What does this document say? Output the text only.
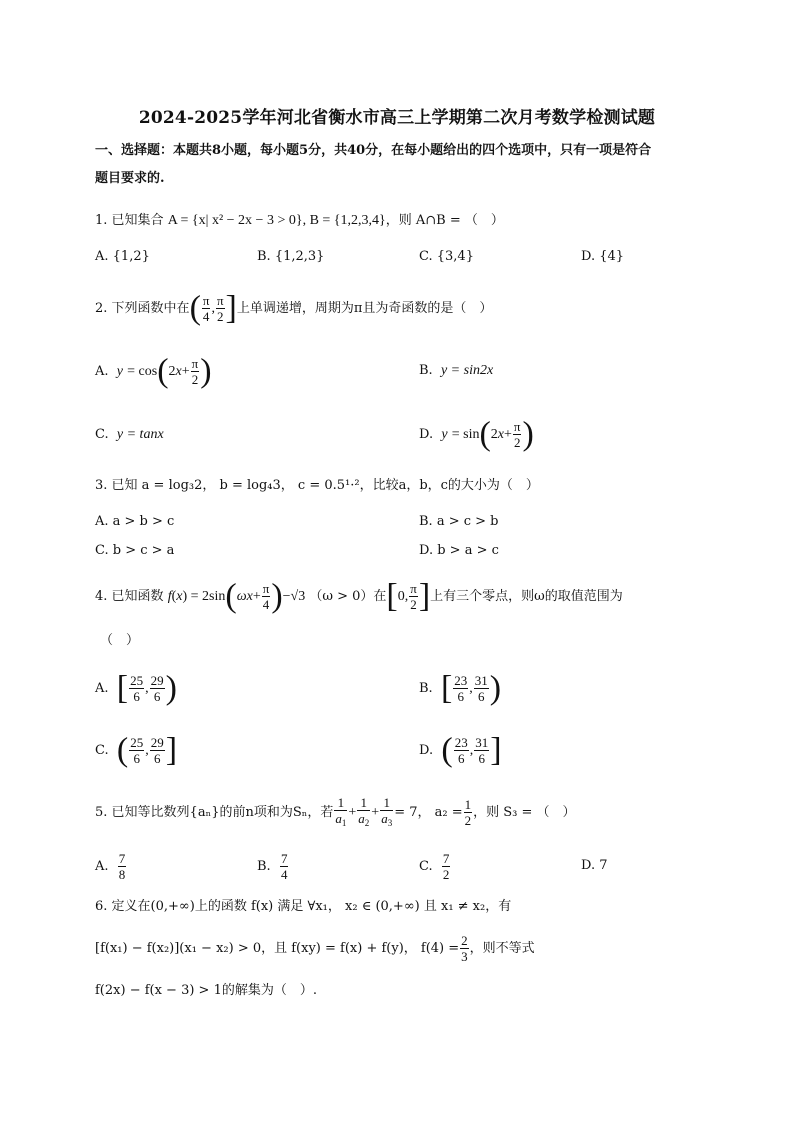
2024-2025学年河北省衡水市高三上学期第二次月考数学检测试题
一、选择题：本题共8小题，每小题5分，共40分，在每小题给出的四个选项中，只有一项是符合
题目要求的.
1. 已知集合 A = {x| x² − 2x − 3 > 0}, B = {1,2,3,4}，则 A∩B = （　）
A. {1,2}	B. {1,2,3}	C. {3,4}	D. {4}
2. 下列函数中在( $\frac{\pi}{4}$ , $\frac{\pi}{2}$ ]上单调递增，周期为π且为奇函数的是（　）
A. $y = \cos(2x+ \frac{\pi}{2}$ )	B. y = sin2x
C. y = tanx	D. $y = \sin(2x+ \frac{\pi}{2}$ )
3. 已知 a = log₃2， b = log₄3， c = 0.5¹·²，比较a，b，c的大小为（　）
A. a > b > c	B. a > c > b
C. b > c > a	D. b > a > c
4. 已知函数 $f(x) = 2\sin(\omega x+ \frac{\pi}{4} )-√3$ （ω > 0）在[0, $\frac{\pi}{2}$ ]上有三个零点，则ω的取值范围为
（　）
A. [ $\frac{25}{6}$ , $\frac{29}{6}$ )	B. [ $\frac{23}{6}$ , $\frac{31}{6}$ )
C. ( $\frac{25}{6}$ , $\frac{29}{6}$ ]	D. ( $\frac{23}{6}$ , $\frac{31}{6}$ ]
5. 已知等比数列{aₙ}的前n项和为Sₙ，若 $\frac{1}{a_1} + \frac{1}{a_2} + \frac{1}{a_3} = 7$， $a_2 = \frac{1}{2}$ ，则 S₃ = （　）
A. $\frac{7}{8}$	B. $\frac{7}{4}$	C. $\frac{7}{2}$	D. 7
6. 定义在(0,+∞)上的函数 f(x) 满足 ∀x₁， x₂ ∈ (0,+∞) 且 x₁ ≠ x₂，有
[f(x₁) − f(x₂)](x₁ − x₂) > 0，且 f(xy) = f(x) + f(y)， $f(4) = \frac{2}{3}$ ，则不等式
f(2x) − f(x − 3) > 1的解集为（　）.
